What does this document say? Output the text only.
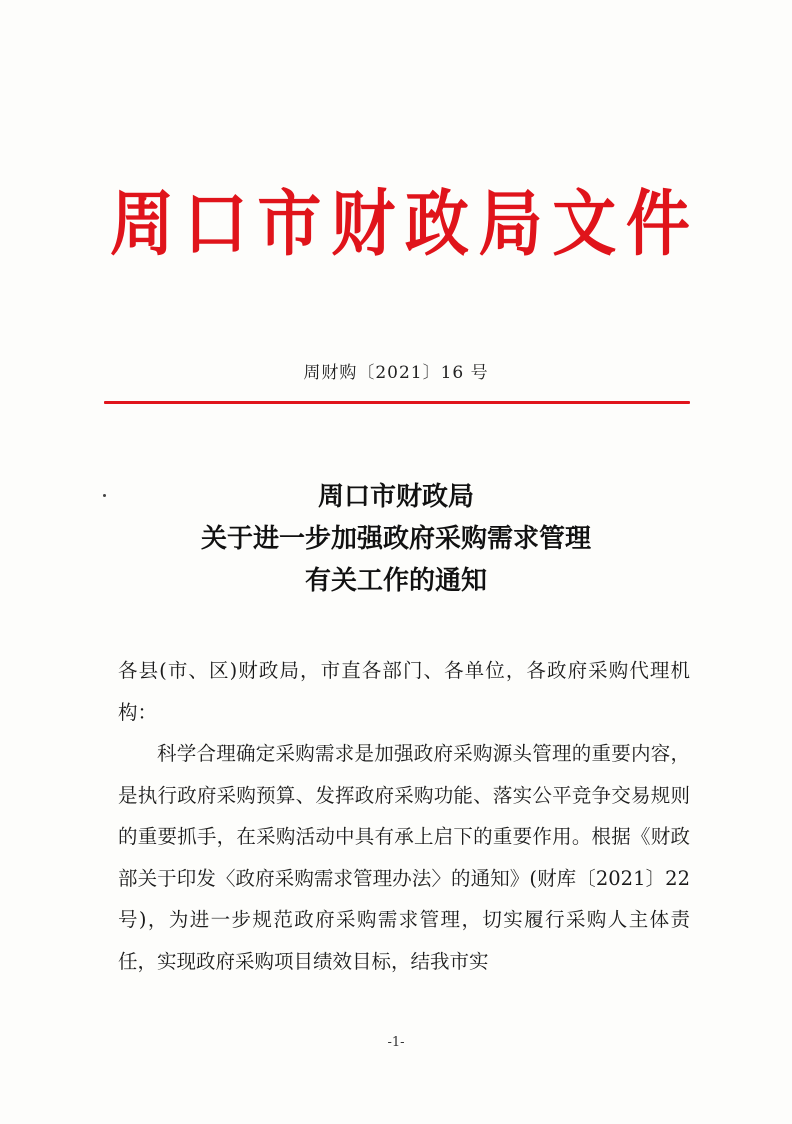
周 口 市 财 政 局 文 件
周财购〔2021〕16 号
周口市财政局
关于进一步加强政府采购需求管理
有关工作的通知

各县(市、区)财政局，市直各部门、各单位，各政府采购代理机构：

科学合理确定采购需求是加强政府采购源头管理的重要内容，是执行政府采购预算、发挥政府采购功能、落实公平竞争交易规则的重要抓手，在采购活动中具有承上启下的重要作用。根据《财政部关于印发〈政府采购需求管理办法〉的通知》(财库〔2021〕22 号)，为进一步规范政府采购需求管理，切实履行采购人主体责任，实现政府采购项目绩效目标，结我市实

-1-
